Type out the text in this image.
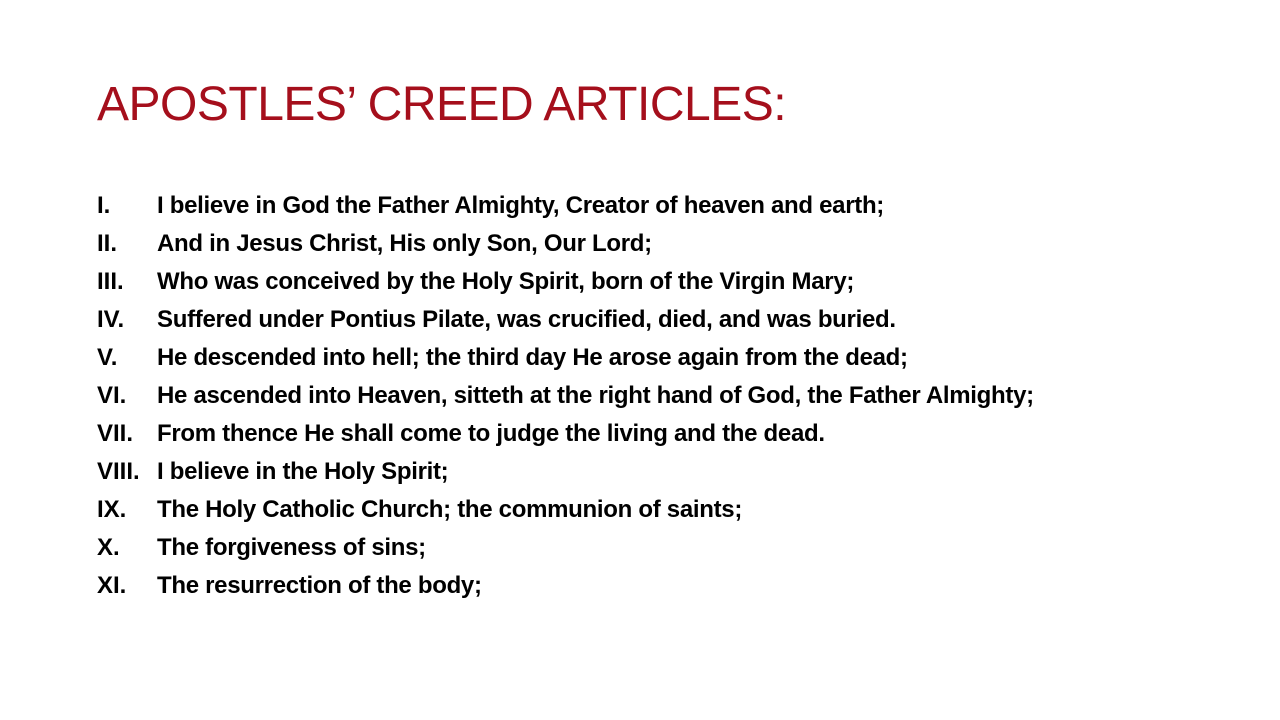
APOSTLES’ CREED ARTICLES:
I.	I believe in God the Father Almighty, Creator of heaven and earth;
II.	And in Jesus Christ, His only Son, Our Lord;
III.	Who was conceived by the Holy Spirit, born of the Virgin Mary;
IV.	Suffered under Pontius Pilate, was crucified, died, and was buried.
V.	He descended into hell; the third day He arose again from the dead;
VI.	He ascended into Heaven, sitteth at the right hand of God, the Father Almighty;
VII. From thence He shall come to judge the living and the dead.
VIII. I believe in the Holy Spirit;
IX.	The Holy Catholic Church; the communion of saints;
X.	The forgiveness of sins;
XI.	The resurrection of the body;
